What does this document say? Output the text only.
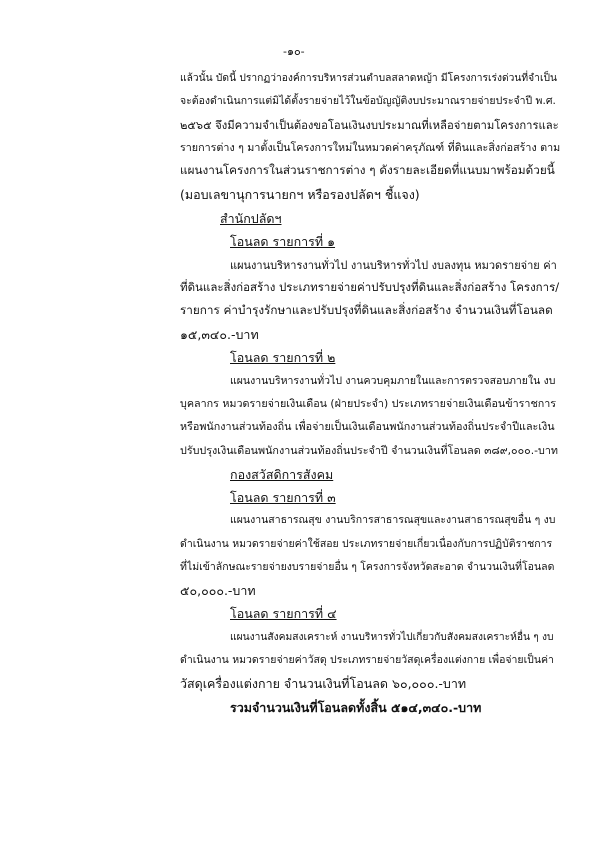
-๑๐-
แล้วนั้น บัดนี้ ปรากฏว่าองค์การบริหารส่วนตำบลสลาดหญ้า มีโครงการเร่งด่วนที่จำเป็น
จะต้องดำเนินการแต่มิได้ตั้งรายจ่ายไว้ในข้อบัญญัติงบประมาณรายจ่ายประจำปี พ.ศ.
๒๕๖๕ จึงมีความจำเป็นต้องขอโอนเงินงบประมาณที่เหลือจ่ายตามโครงการและ
รายการต่าง ๆ มาตั้งเป็นโครงการใหม่ในหมวดค่าครุภัณฑ์ ที่ดินและสิ่งก่อสร้าง ตาม
แผนงานโครงการในส่วนราชการต่าง ๆ ดังรายละเอียดที่แนบมาพร้อมด้วยนี้
(มอบเลขานุการนายกฯ หรือรองปลัดฯ ชี้แจง)
สำนักปลัดฯ
โอนลด รายการที่ ๑
แผนงานบริหารงานทั่วไป งานบริหารทั่วไป งบลงทุน หมวดรายจ่าย ค่า
ที่ดินและสิ่งก่อสร้าง ประเภทรายจ่ายค่าปรับปรุงที่ดินและสิ่งก่อสร้าง โครงการ/
รายการ ค่าบำรุงรักษาและปรับปรุงที่ดินและสิ่งก่อสร้าง จำนวนเงินที่โอนลด
๑๕,๓๔๐.-บาท
โอนลด รายการที่ ๒
แผนงานบริหารงานทั่วไป งานควบคุมภายในและการตรวจสอบภายใน งบ
บุคลากร หมวดรายจ่ายเงินเดือน (ฝ่ายประจำ) ประเภทรายจ่ายเงินเดือนข้าราชการ
หรือพนักงานส่วนท้องถิ่น เพื่อจ่ายเป็นเงินเดือนพนักงานส่วนท้องถิ่นประจำปีและเงิน
ปรับปรุงเงินเดือนพนักงานส่วนท้องถิ่นประจำปี จำนวนเงินที่โอนลด ๓๘๙,๐๐๐.-บาท
กองสวัสดิการสังคม
โอนลด รายการที่ ๓
แผนงานสาธารณสุข งานบริการสาธารณสุขและงานสาธารณสุขอื่น ๆ งบ
ดำเนินงาน หมวดรายจ่ายค่าใช้สอย ประเภทรายจ่ายเกี่ยวเนื่องกับการปฏิบัติราชการ
ที่ไม่เข้าลักษณะรายจ่ายงบรายจ่ายอื่น ๆ โครงการจังหวัดสะอาด จำนวนเงินที่โอนลด
๕๐,๐๐๐.-บาท
โอนลด รายการที่ ๔
แผนงานสังคมสงเคราะห์ งานบริหารทั่วไปเกี่ยวกับสังคมสงเคราะห์อื่น ๆ งบ
ดำเนินงาน หมวดรายจ่ายค่าวัสดุ ประเภทรายจ่ายวัสดุเครื่องแต่งกาย เพื่อจ่ายเป็นค่า
วัสดุเครื่องแต่งกาย จำนวนเงินที่โอนลด ๖๐,๐๐๐.-บาท
รวมจำนวนเงินที่โอนลดทั้งสิ้น ๕๑๔,๓๔๐.-บาท
